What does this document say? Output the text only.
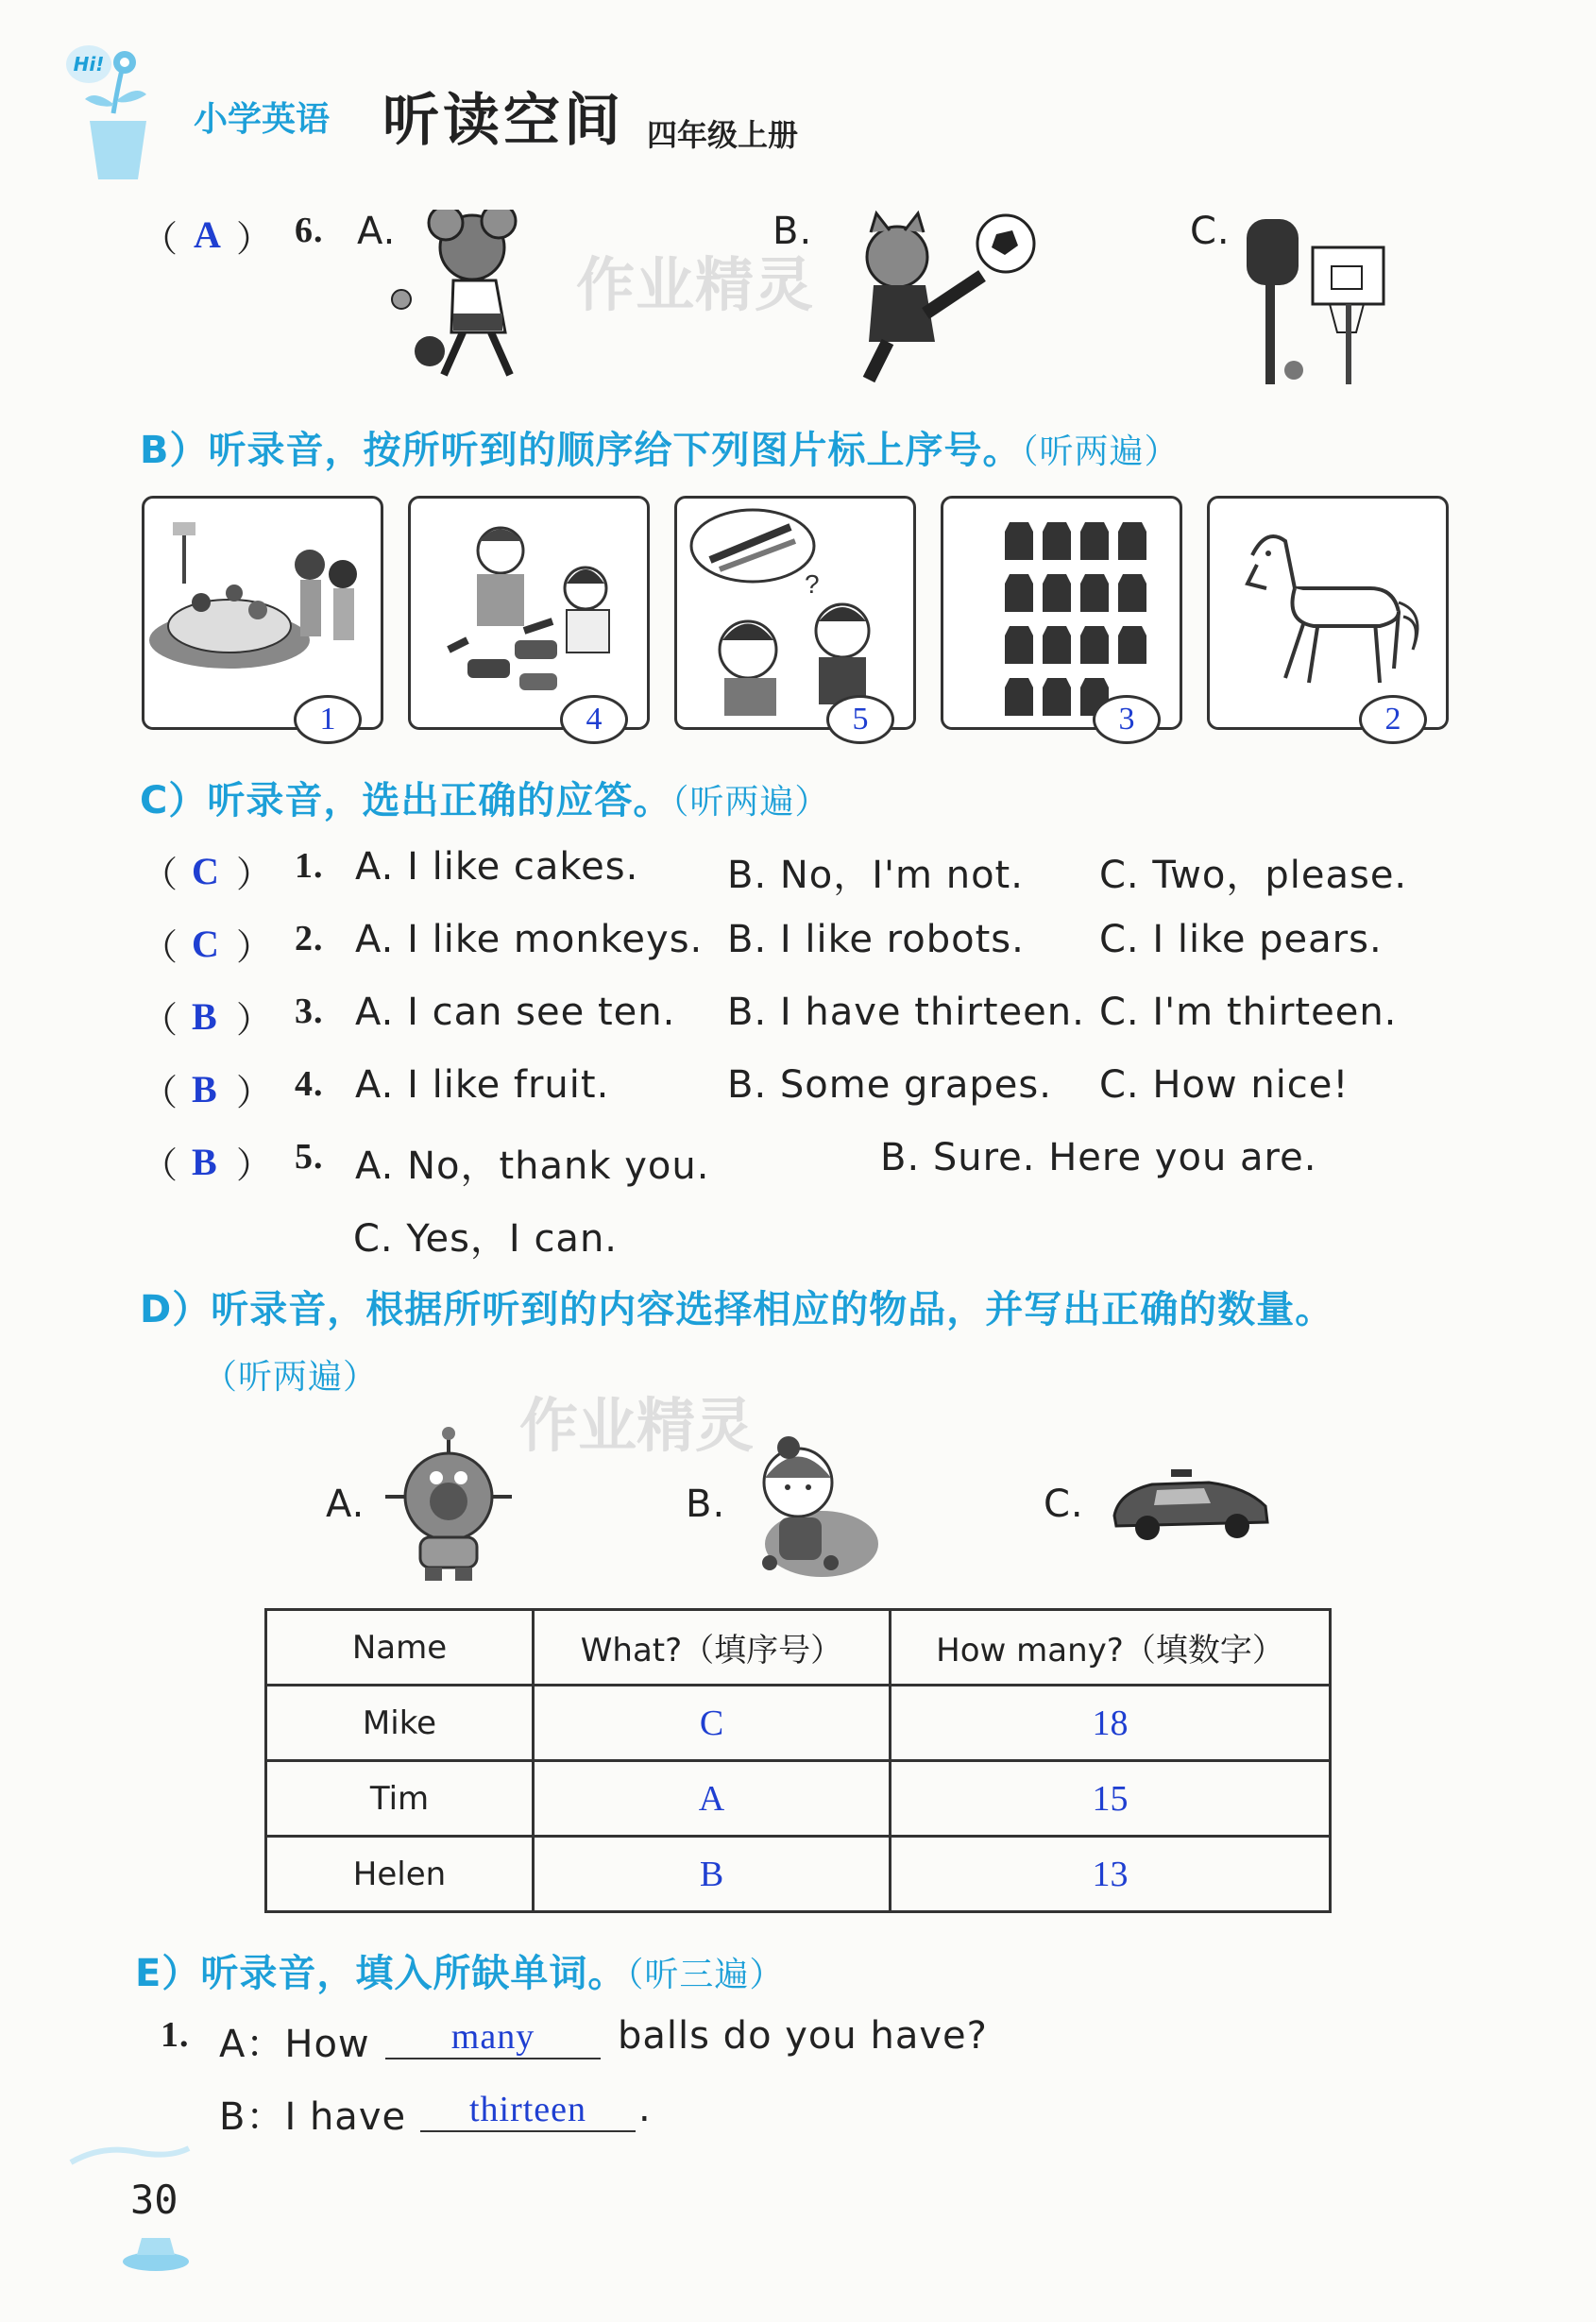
Hi!
小学英语 听读空间 四年级上册
（ A ） 6. A.	B.	C.
作业精灵
B）听录音，按所听到的顺序给下列图片标上序号。（听两遍）
1	4
?
5	3	2
C）听录音，选出正确的应答。（听两遍）
（ C ） 1. A. I like cakes. B. No，I'm not. C. Two，please.
（ C ） 2. A. I like monkeys. B. I like robots. C. I like pears.
（ B ） 3. A. I can see ten. B. I have thirteen. C. I'm thirteen.
（ B ） 4. A. I like fruit.	B. Some grapes. C. How nice!
（ B ） 5. A. No，thank you.	B. Sure. Here you are.
C. Yes，I can.
D）听录音，根据所听到的内容选择相应的物品，并写出正确的数量。
（听两遍）
作业精灵
A.	B.	C.
Name	What?（填序号）	How many?（填数字）
Mike	C	18
Tim	A	15
Helen	B	13
E）听录音，填入所缺单词。（听三遍）
1. A：How	many	balls do you have?
B：I have	thirteen	.
30
